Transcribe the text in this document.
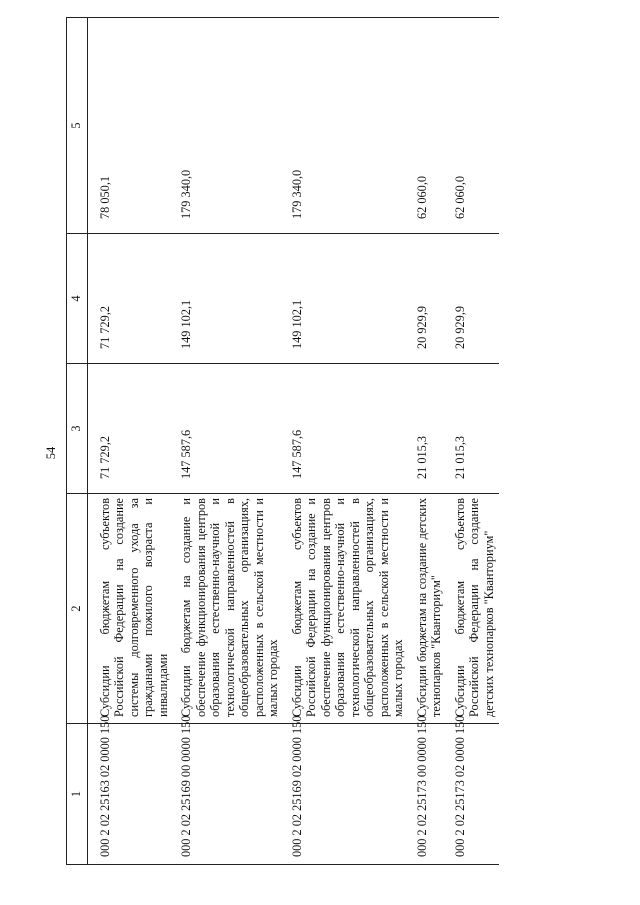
54
1	2	3	4	5
000 2 02 25163 02 0000 150	Субсидии бюджетам субъектов Российской Федерации на создание системы долговременного ухода за гражданами пожилого возраста и инвалидами	71 729,2	71 729,2	78 050,1
000 2 02 25169 00 0000 150	Субсидии бюджетам на создание и обеспечение функционирования центров образования естественно-научной и технологической направленностей в общеобразовательных организациях, расположенных в сельской местности и малых городах	147 587,6	149 102,1	179 340,0
000 2 02 25169 02 0000 150	Субсидии бюджетам субъектов Российской Федерации на создание и обеспечение функционирования центров образования естественно-научной и технологической направленностей в общеобразовательных организациях, расположенных в сельской местности и малых городах	147 587,6	149 102,1	179 340,0
000 2 02 25173 00 0000 150	Субсидии бюджетам на создание детских технопарков "Кванториум"	21 015,3	20 929,9	62 060,0
000 2 02 25173 02 0000 150	Субсидии бюджетам субъектов Российской Федерации на создание детских технопарков "Кванториум"	21 015,3	20 929,9	62 060,0
